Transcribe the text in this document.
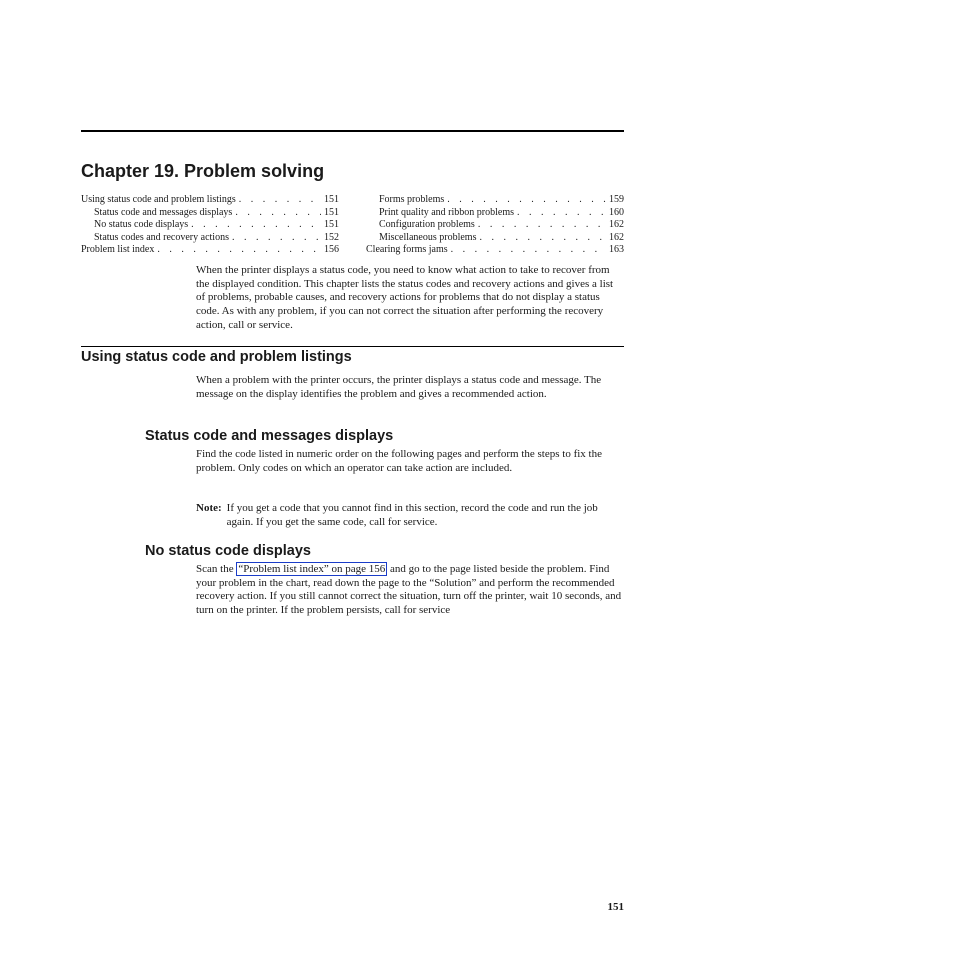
Chapter 19. Problem solving
Using status code and problem listings . . .	151
Status code and messages displays . . .	151
No status code displays . . .	151
Status codes and recovery actions . . .	152
Problem list index . . .	156
Forms problems . . .	159
Print quality and ribbon problems . . .	160
Configuration problems . . .	162
Miscellaneous problems . . .	162
Clearing forms jams . . .	163

When the printer displays a status code, you need to know what action to take to recover from the displayed condition. This chapter lists the status codes and recovery actions and gives a list of problems, probable causes, and recovery actions for problems that do not display a status code. As with any problem, if you can not correct the situation after performing the recovery action, call or service.

Using status code and problem listings

When a problem with the printer occurs, the printer displays a status code and message. The message on the display identifies the problem and gives a recommended action.

Status code and messages displays

Find the code listed in numeric order on the following pages and perform the steps to fix the problem. Only codes on which an operator can take action are included.

Note: If you get a code that you cannot find in this section, record the code and run the job again. If you get the same code, call for service.
No status code displays

Scan the “Problem list index” on page 156 and go to the page listed beside the problem. Find your problem in the chart, read down the page to the “Solution” and perform the recommended recovery action. If you still cannot correct the situation, turn off the printer, wait 10 seconds, and turn on the printer. If the problem persists, call for service

151
